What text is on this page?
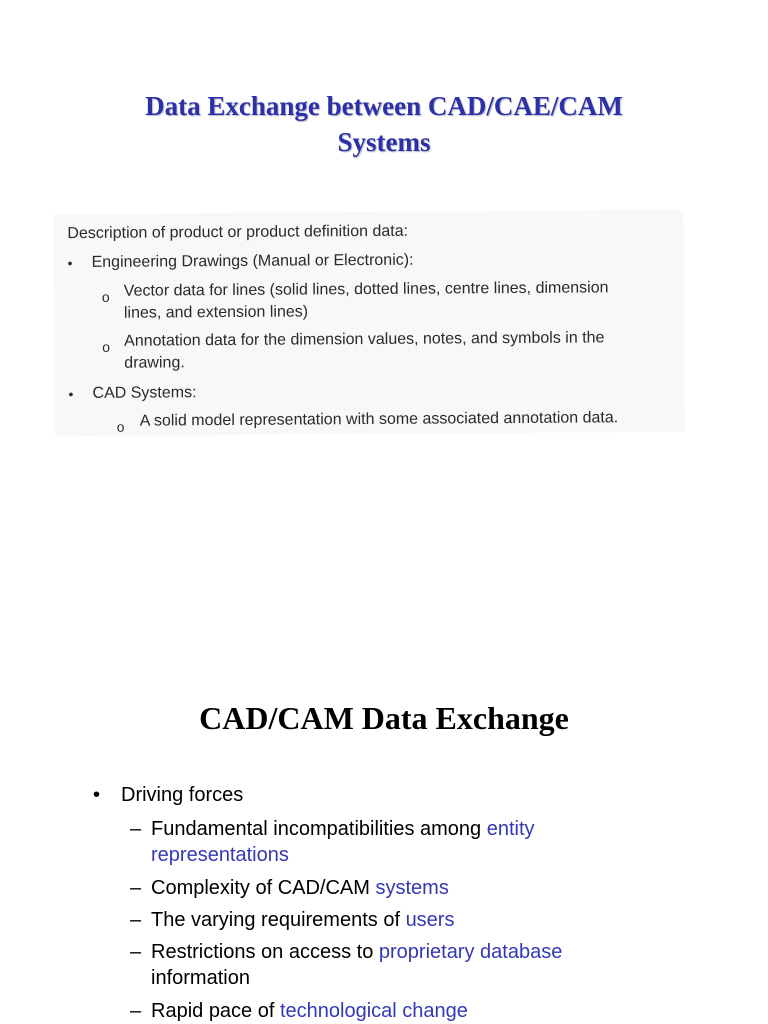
Data Exchange between CAD/CAE/CAM
Systems
Description of product or product definition data:
• Engineering Drawings (Manual or Electronic):
o Vector data for lines (solid lines, dotted lines, centre lines, dimension
lines, and extension lines)
o Annotation data for the dimension values, notes, and symbols in the
drawing.
• CAD Systems:
o A solid model representation with some associated annotation data.
CAD/CAM Data Exchange
• Driving forces
– Fundamental incompatibilities among entity
representations
– Complexity of CAD/CAM systems
– The varying requirements of users
– Restrictions on access to proprietary database
information
– Rapid pace of technological change
